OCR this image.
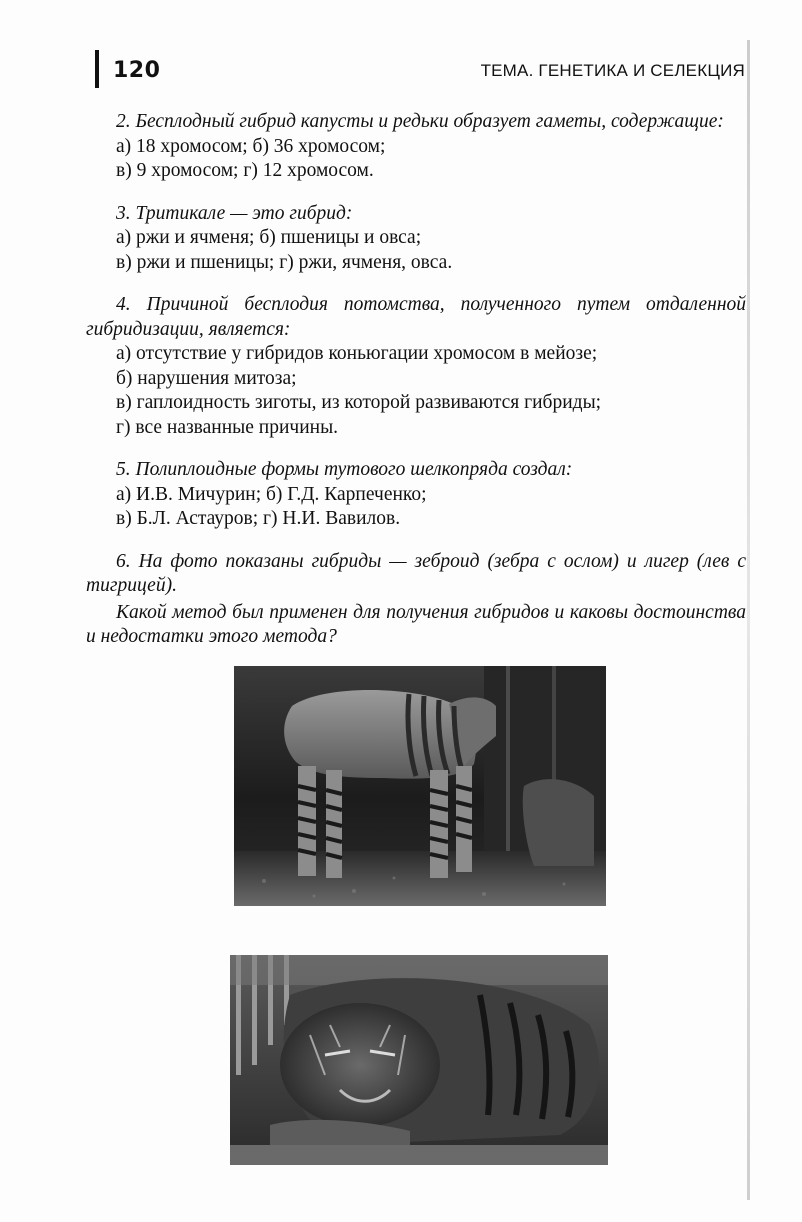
120	ТЕМА. ГЕНЕТИКА И СЕЛЕКЦИЯ

2. Бесплодный гибрид капусты и редьки образует гаметы, содержащие:

а) 18 хромосом; б) 36 хромосом;

в) 9 хромосом; г) 12 хромосом.

3. Тритикале — это гибрид:

а) ржи и ячменя; б) пшеницы и овса;

в) ржи и пшеницы; г) ржи, ячменя, овса.

4. Причиной бесплодия потомства, полученного путем отдаленной гибридизации, является:

а) отсутствие у гибридов коньюгации хромосом в мейозе;

б) нарушения митоза;

в) гаплоидность зиготы, из которой развиваются гибриды;

г) все названные причины.

5. Полиплоидные формы тутового шелкопряда создал:

а) И.В. Мичурин; б) Г.Д. Карпеченко;

в) Б.Л. Астауров; г) Н.И. Вавилов.

6. На фото показаны гибриды — зеброид (зебра с ослом) и лигер (лев с тигрицей).

Какой метод был применен для получения гибридов и каковы достоинства и недостатки этого метода?
